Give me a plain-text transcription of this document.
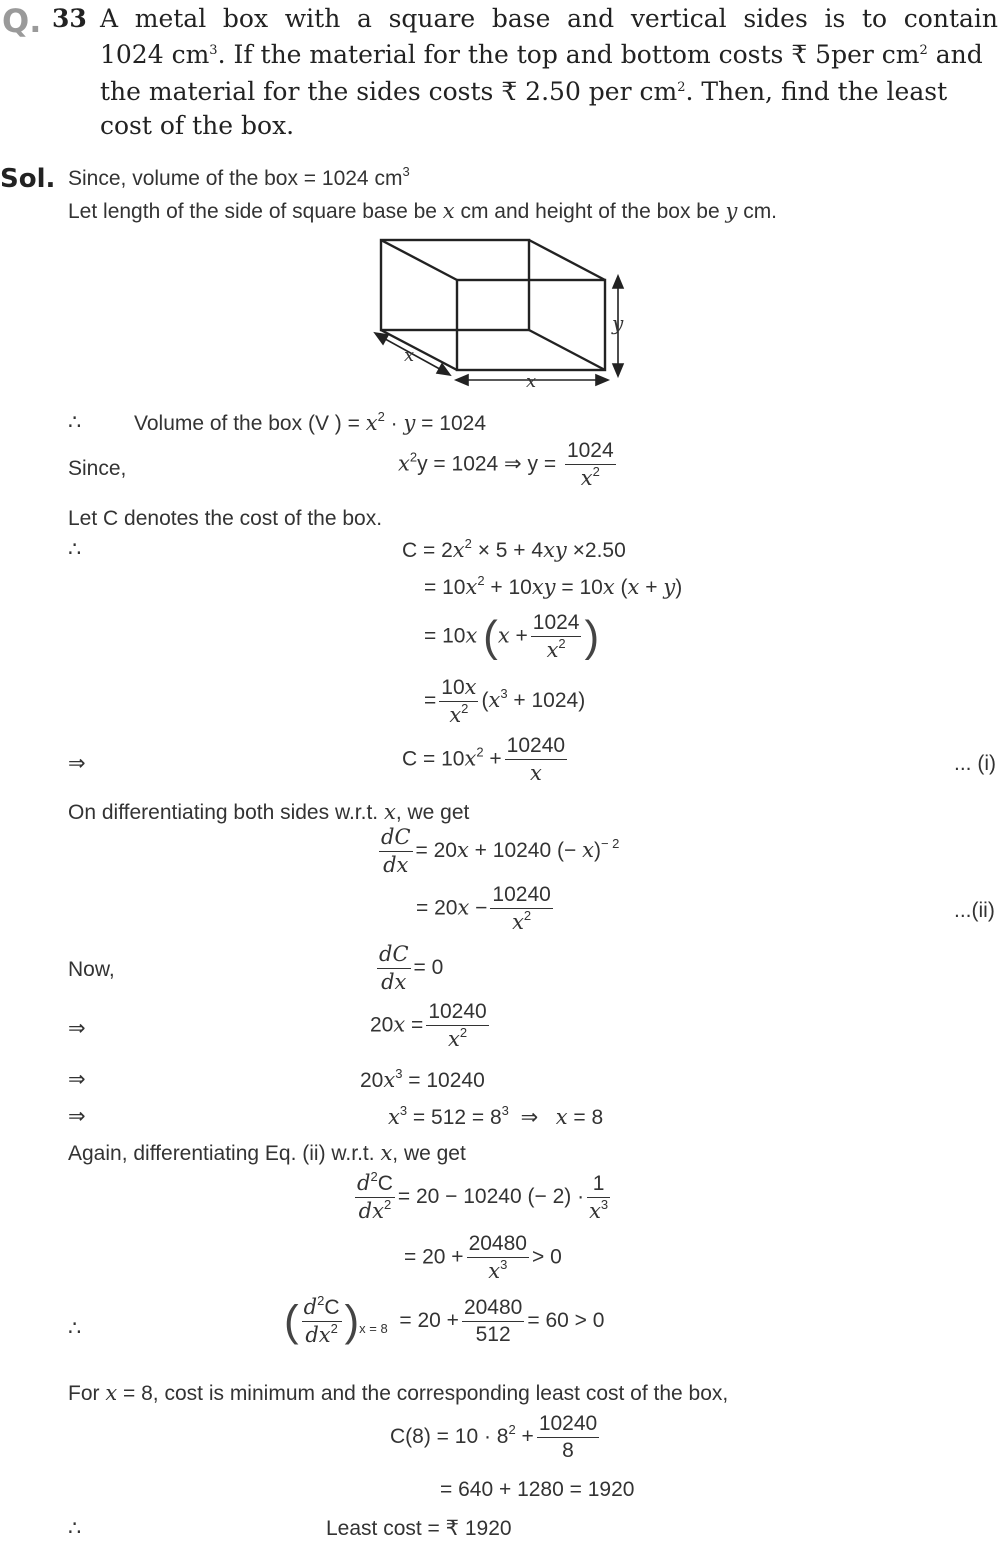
Q. 33 A metal box with a square base and vertical sides is to contain
1024 $cm^3$. If the material for the top and bottom costs ₹ 5per $cm^2$ and
the material for the sides costs ₹ 2.50 per $cm^2$. Then, find the least
cost of the box.
Sol. Since, volume of the box = 1024 $cm^3$
Let length of the side of square base be x cm and height of the box be y cm.
y
x
x
∴	Volume of the box (V ) = $x^2 \cdot y = 1024$
Since,	$x^2y = 1024$ ⇒ $y = \frac{1024}{x^2}$
Let C denotes the cost of the box.
∴	$C = 2x^2 \times 5 + 4xy \times 2.50$
= $10x^2 + 10xy = 10x$ (x + y)
= 10x ($x + \frac{1024}{x^2}$ )
= $\frac{10x}{x^2} (x^3 + 1024)$
⇒	$C = 10x^2 + \frac{10240}{x}$	... (i)
On differentiating both sides w.r.t. x, we get
$\frac{dC}{dx} = 20x + 10240$ (− x)$^{- 2}$
= $20x - \frac{10240}{x^2}$	...(ii)
Now,	$\frac{dC}{dx} = 0$
⇒	$20x = \frac{10240}{x^2}$
⇒	$20x^3 = 10240$
⇒	$x^3 = 512 = 8^3$  ⇒   x = 8
Again, differentiating Eq. (ii) w.r.t. x, we get
$\frac{d^2C}{dx^2} = 20 - 10240$ (− $2) \cdot \frac{1}{x^3}$
= $20 + \frac{20480}{x^3} > 0$
∴	( $\frac{d^2C}{dx^2} )_{x = 8} = 20 + \frac{20480}{512} = 60 > 0$
For x = 8, cost is minimum and the corresponding least cost of the box,
$C(8) = 10 \cdot 8^2 + \frac{10240}{8}$
= 640 + 1280 = 1920
∴	Least cost = ₹ 1920
